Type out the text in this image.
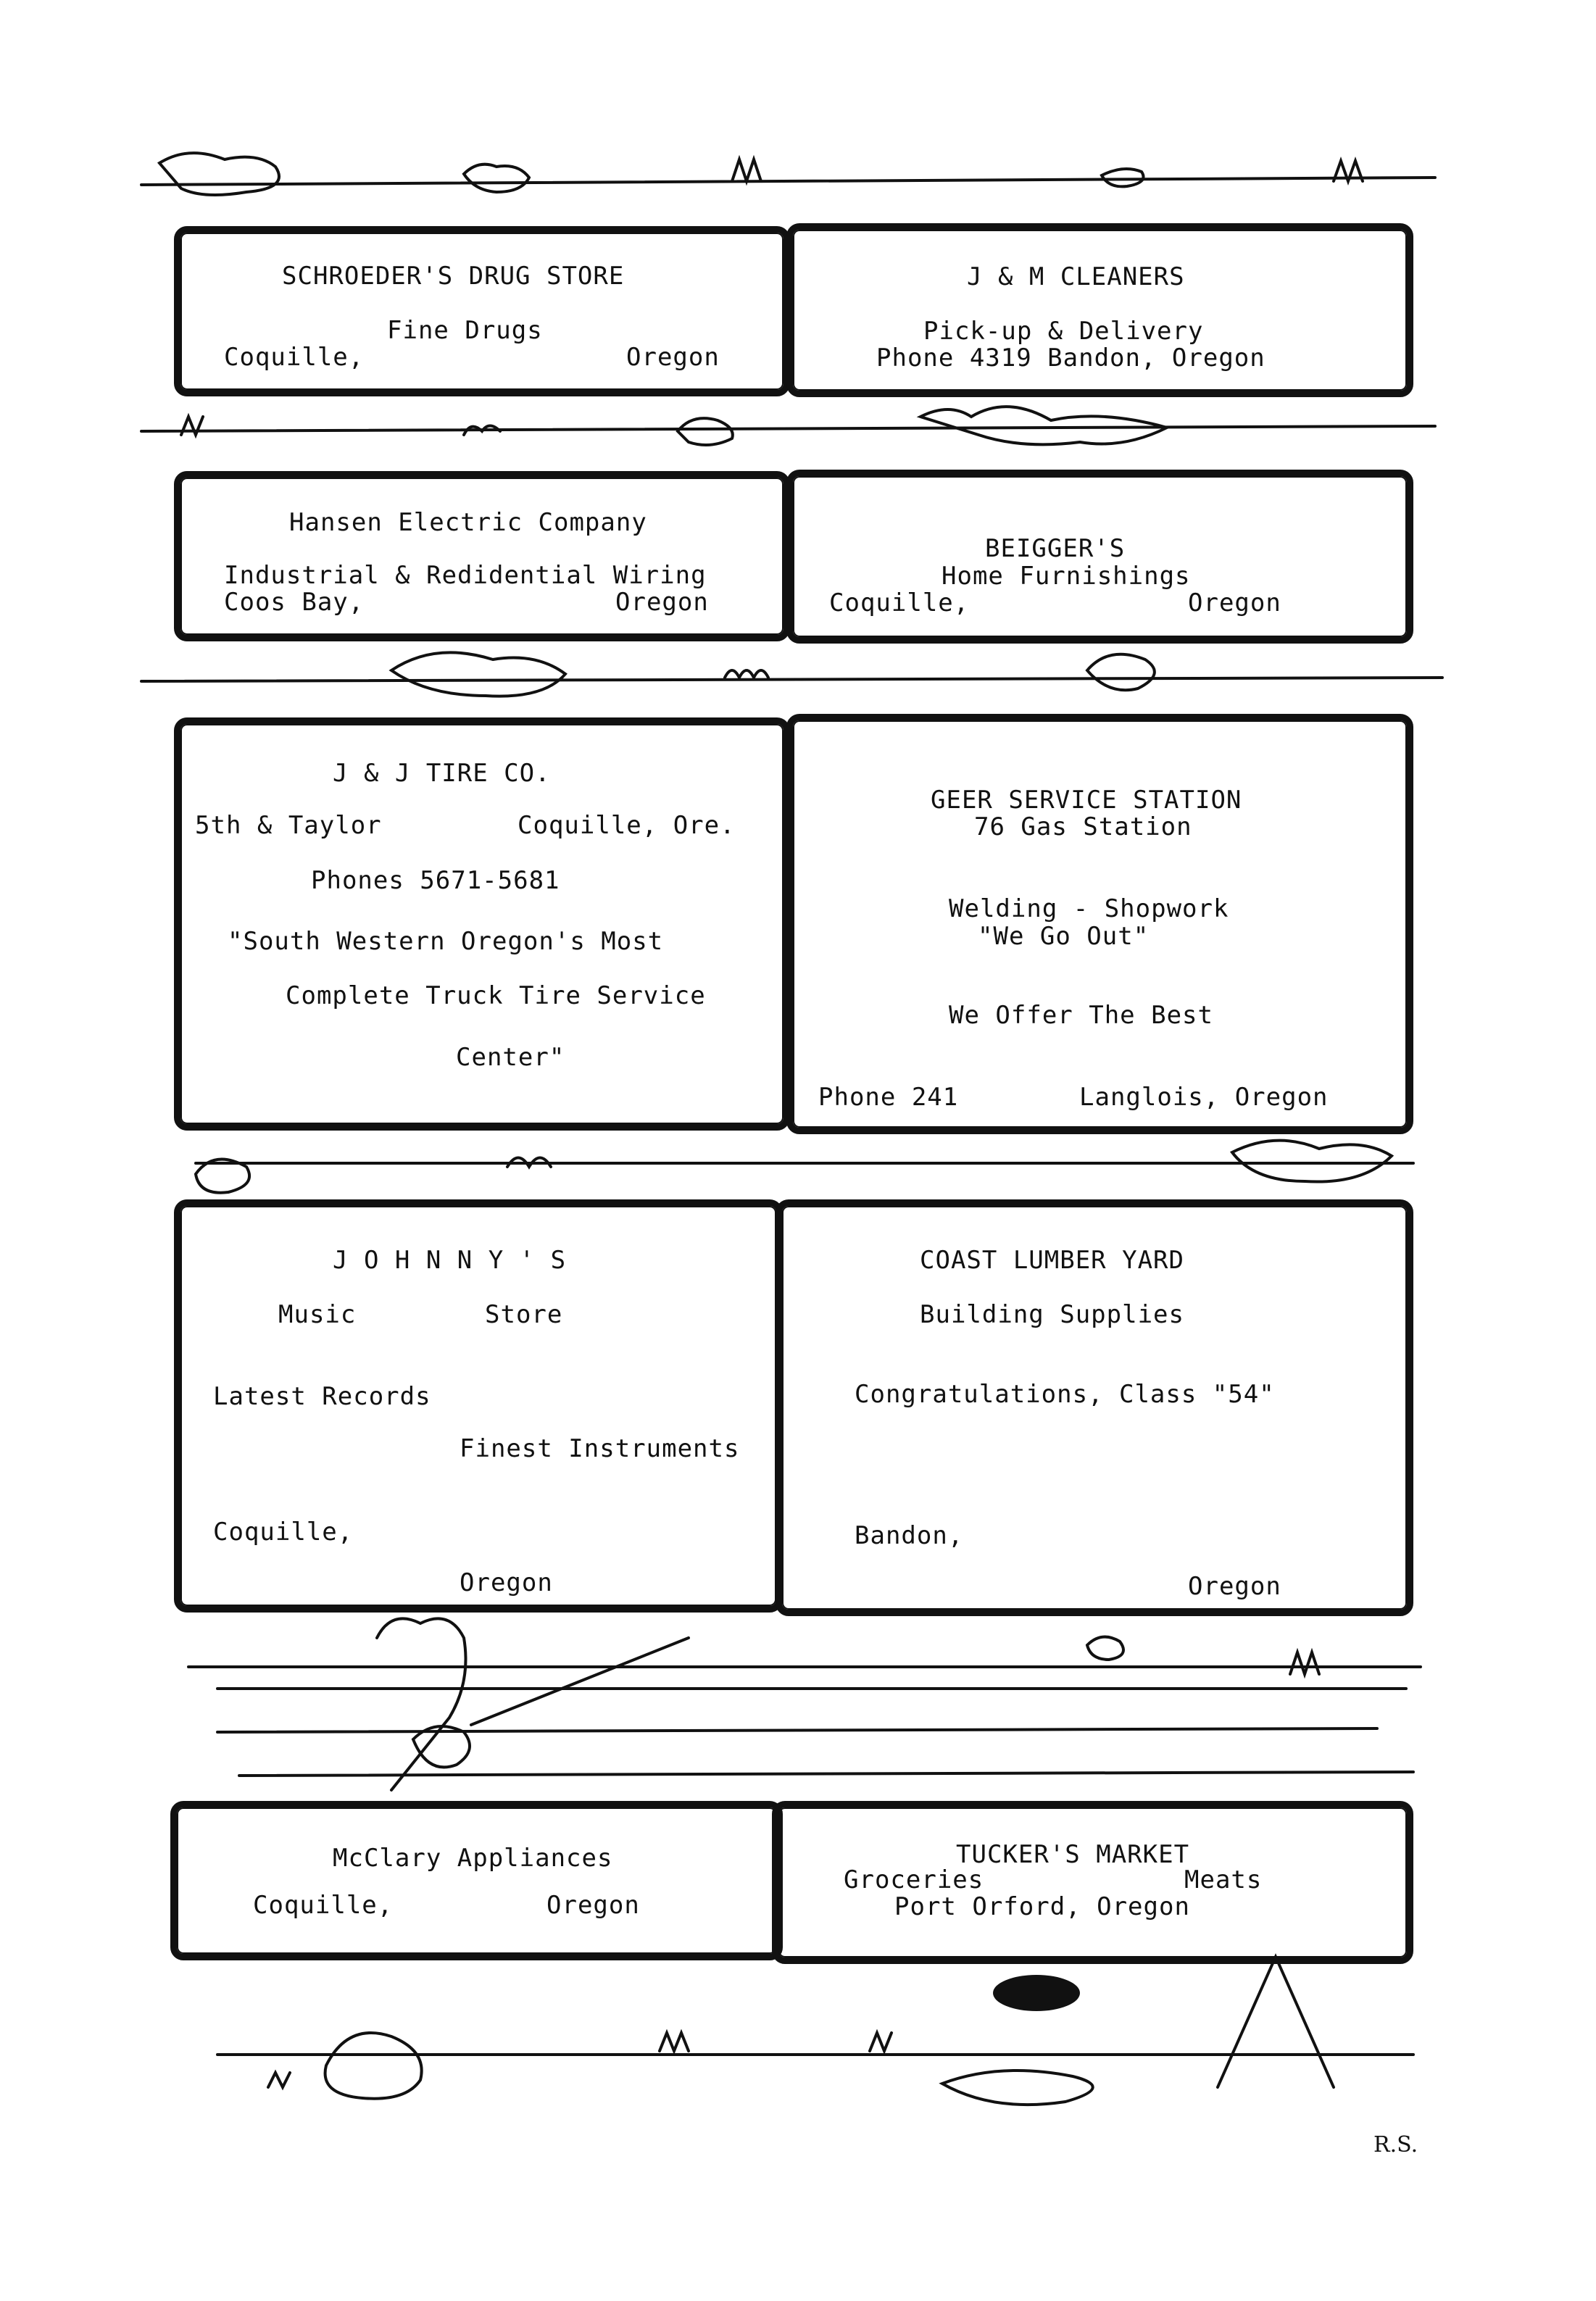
SCHROEDER'S DRUG STORE
Fine Drugs
Coquille,	Oregon
J & M CLEANERS
Pick-up & Delivery
Phone 4319 Bandon, Oregon
Hansen Electric Company
Industrial & Redidential Wiring
Coos Bay,	Oregon
BEIGGER'S
Home Furnishings
Coquille,	Oregon
J & J TIRE CO.
5th & Taylor	Coquille, Ore.
Phones 5671-5681
"South Western Oregon's Most
Complete Truck Tire Service
Center"
GEER SERVICE STATION
76 Gas Station
Welding - Shopwork
"We Go Out"
We Offer The Best
Phone 241	Langlois, Oregon
J O H N N Y ' S
Music	Store
Latest Records
Finest Instruments
Coquille,
Oregon
COAST LUMBER YARD
Building Supplies
Congratulations, Class "54"
Bandon,
Oregon
McClary Appliances
Coquille,	Oregon
TUCKER'S MARKET
Groceries	Meats
Port Orford, Oregon
R.S.
